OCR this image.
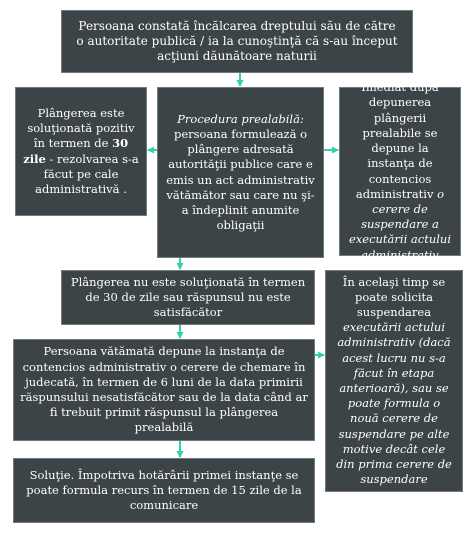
Persoana constată încălcarea dreptului său de către
o autoritate publică / ia la cunoştinţă că s-au început
acţiuni dăunătoare naturii

Plângerea este soluţionată pozitiv în termen de 30 zile - rezolvarea s-a făcut pe cale administrativă .

Procedura prealabilă:
persoana formulează o plângere adresată autorităţii publice care e emis un act administrativ vătămător sau care nu şi-a îndeplinit anumite obligaţii

Imediat după depunerea plângerii prealabile se depune la instanţa de contencios administrativ o cerere de suspendare a executării actului administrativ

Plângerea nu este soluţionată în termen de 30 de zile sau răspunsul nu este satisfăcător

Persoana vătămată depune la instanţa de contencios administrativ o cerere de chemare în judecată, în termen de 6 luni de la data primirii răspunsului nesatisfăcător sau de la data când ar fi trebuit primit răspunsul la plângerea prealabilă

În acelaşi timp se poate solicita suspendarea executării actului administrativ (dacă acest lucru nu s-a făcut în etapa anterioară), sau se poate formula o nouă cerere de suspendare pe alte motive decât cele din prima cerere de suspendare

Soluţie. Împotriva hotărârii primei instanţe se poate formula recurs în termen de 15 zile de la comunicare
